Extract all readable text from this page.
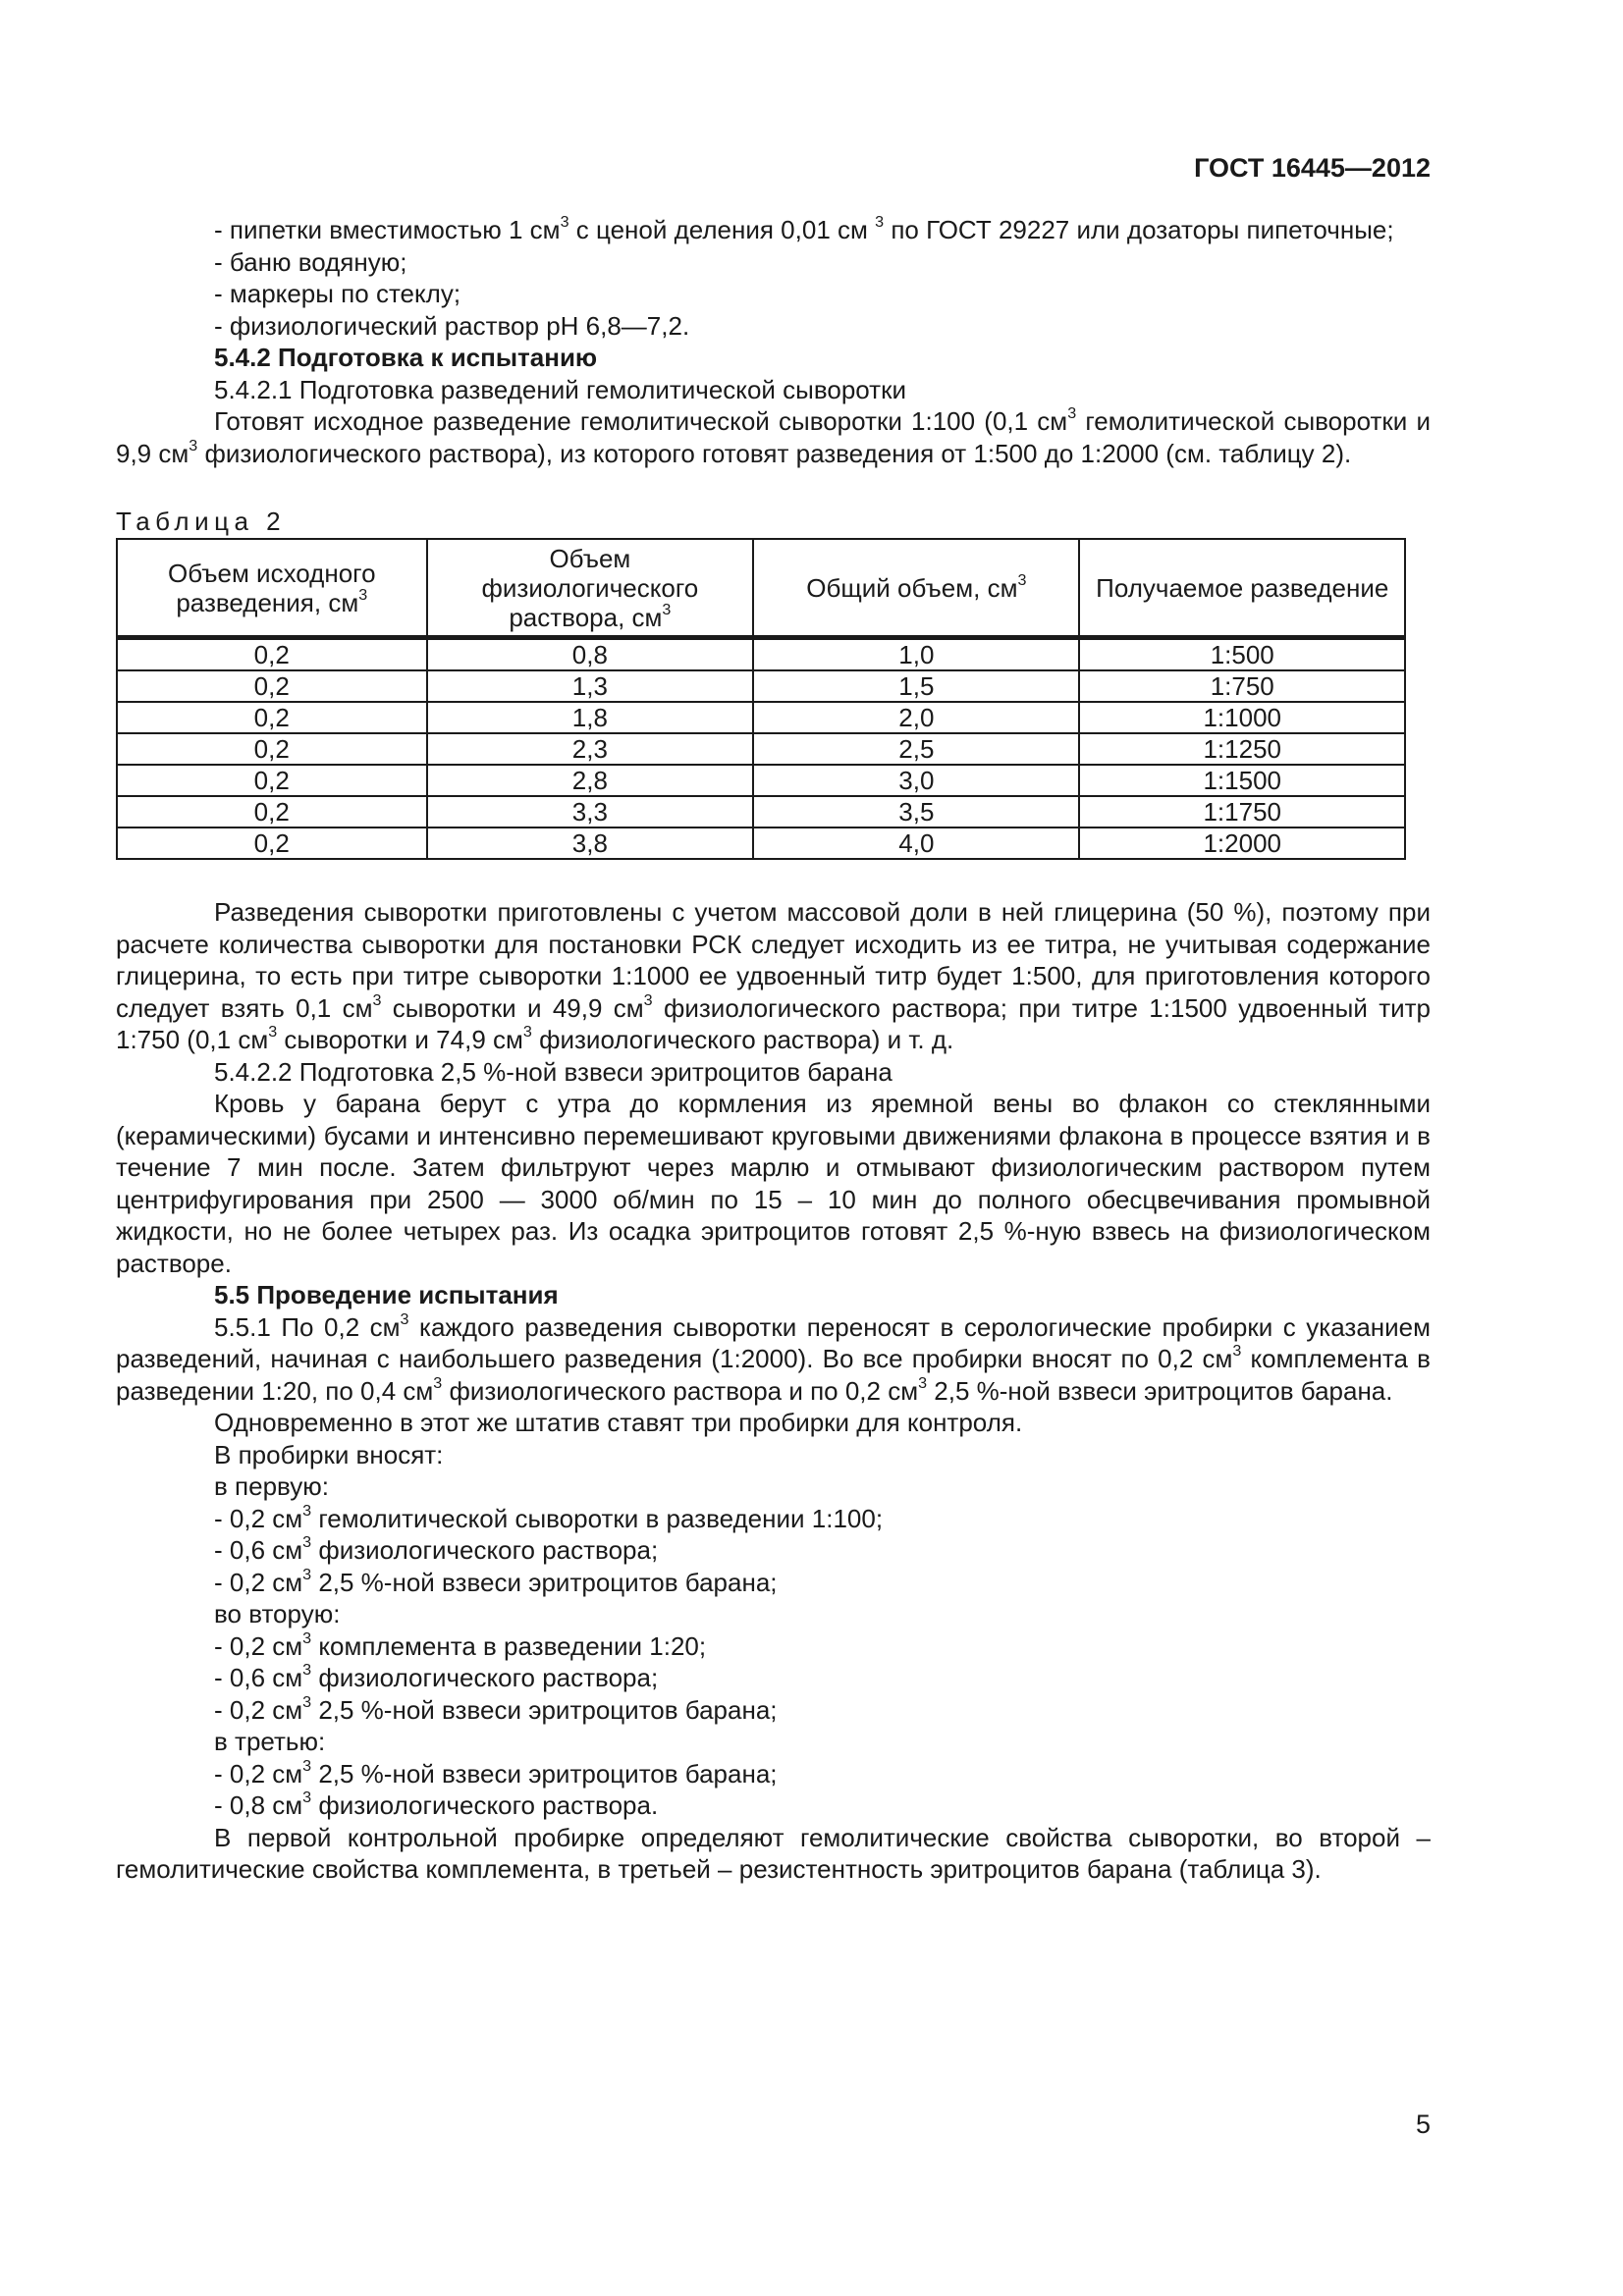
ГОСТ 16445—2012
- пипетки вместимостью 1 $см^3$ с ценой деления 0,01 см $^3$ по ГОСТ 29227 или дозаторы пипеточные;
- баню водяную;
- маркеры по стеклу;
- физиологический раствор pH 6,8—7,2.
5.4.2 Подготовка к испытанию
5.4.2.1 Подготовка разведений гемолитической сыворотки
Готовят исходное разведение гемолитической сыворотки 1:100 (0,1 $см^3$ гемолитической сыворотки и 9,9 $см^3$ физиологического раствора), из которого готовят разведения от 1:500 до 1:2000 (см. таблицу 2).
Таблица 2
Объем исходного разведения, $см^3$	Объем физиологического раствора, $см^3$	Общий объем, $см^3$	Получаемое разведение
0,2	0,8	1,0	1:500
0,2	1,3	1,5	1:750
0,2	1,8	2,0	1:1000
0,2	2,3	2,5	1:1250
0,2	2,8	3,0	1:1500
0,2	3,3	3,5	1:1750
0,2	3,8	4,0	1:2000
Разведения сыворотки приготовлены с учетом массовой доли в ней глицерина (50 %), поэтому при расчете количества сыворотки для постановки РСК следует исходить из ее титра, не учитывая содержание глицерина, то есть при титре сыворотки 1:1000 ее удвоенный титр будет 1:500, для приготовления которого следует взять 0,1 $см^3$ сыворотки и 49,9 $см^3$ физиологического раствора; при титре 1:1500 удвоенный титр 1:750 (0,1 $см^3$ сыворотки и 74,9 $см^3$ физиологического раствора) и т. д.
5.4.2.2 Подготовка 2,5 %-ной взвеси эритроцитов барана
Кровь у барана берут с утра до кормления из яремной вены во флакон со стеклянными (керамическими) бусами и интенсивно перемешивают круговыми движениями флакона в процессе взятия и в течение 7 мин после. Затем фильтруют через марлю и отмывают физиологическим раствором путем центрифугирования при 2500 — 3000 об/мин по 15 – 10 мин до полного обесцвечивания промывной жидкости, но не более четырех раз. Из осадка эритроцитов готовят 2,5 %-ную взвесь на физиологическом растворе.
5.5 Проведение испытания
5.5.1 По 0,2 $см^3$ каждого разведения сыворотки переносят в серологические пробирки с указанием разведений, начиная с наибольшего разведения (1:2000). Во все пробирки вносят по 0,2 $см^3$ комплемента в разведении 1:20, по 0,4 $см^3$ физиологического раствора и по 0,2 $см^3$ 2,5 %-ной взвеси эритроцитов барана.
Одновременно в этот же штатив ставят три пробирки для контроля.
В пробирки вносят:
в первую:
- 0,2 $см^3$ гемолитической сыворотки в разведении 1:100;
- 0,6 $см^3$ физиологического раствора;
- 0,2 $см^3$ 2,5 %-ной взвеси эритроцитов барана;
во вторую:
- 0,2 $см^3$ комплемента в разведении 1:20;
- 0,6 $см^3$ физиологического раствора;
- 0,2 $см^3$ 2,5 %-ной взвеси эритроцитов барана;
в третью:
- 0,2 $см^3$ 2,5 %-ной взвеси эритроцитов барана;
- 0,8 $см^3$ физиологического раствора.
В первой контрольной пробирке определяют гемолитические свойства сыворотки, во второй – гемолитические свойства комплемента, в третьей – резистентность эритроцитов барана (таблица 3).
5
